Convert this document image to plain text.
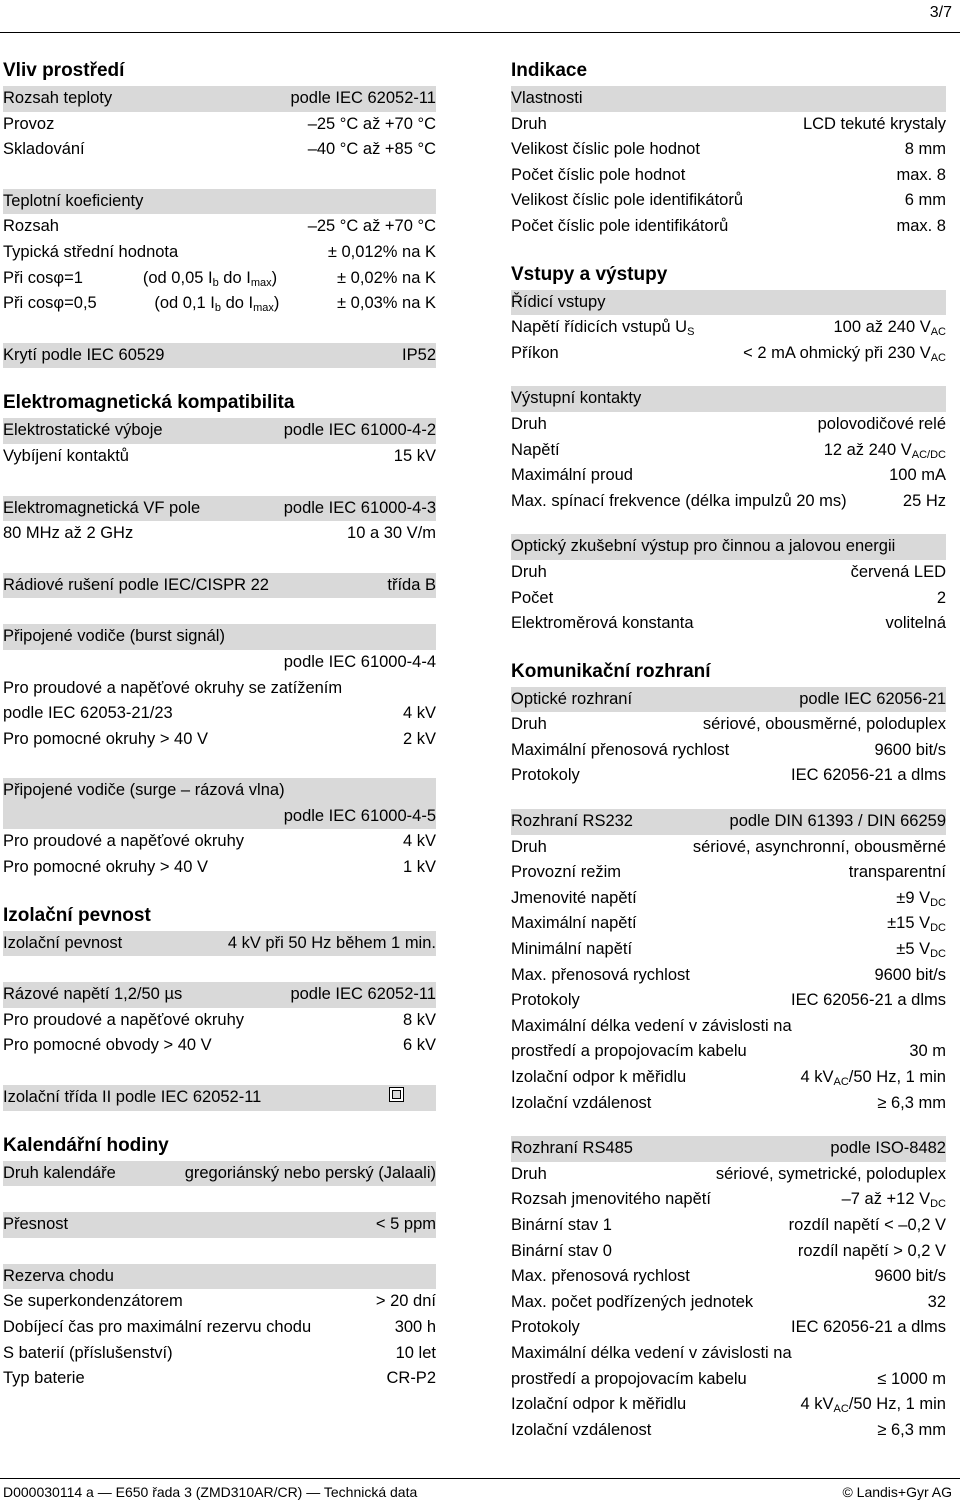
3/7
Vliv prostředí
Rozsah teploty	podle IEC 62052-11
Provoz	–25 °C až +70 °C
Skladování	–40 °C až +85 °C
Teplotní koeficienty
Rozsah	–25 °C až +70 °C
Typická střední hodnota	± 0,012% na K
Při cosφ=1	(od 0,05 $I_b$ do $I_{max}$)	± 0,02% na K
Při cosφ=0,5	(od 0,1 $I_b$ do $I_{max}$)	± 0,03% na K
Krytí podle IEC 60529	IP52
Elektromagnetická kompatibilita
Elektrostatické výboje	podle IEC 61000-4-2
Vybíjení kontaktů	15 kV
Elektromagnetická VF pole	podle IEC 61000-4-3
80 MHz až 2 GHz	10 a 30 V/m
Rádiové rušení podle IEC/CISPR 22	třída B
Připojené vodiče (burst signál)
podle IEC 61000-4-4
Pro proudové a napěťové okruhy se zatížením
podle IEC 62053-21/23	4 kV
Pro pomocné okruhy > 40 V	2 kV
Připojené vodiče (surge – rázová vlna)
podle IEC 61000-4-5
Pro proudové a napěťové okruhy	4 kV
Pro pomocné okruhy > 40 V	1 kV
Izolační pevnost
Izolační pevnost	4 kV při 50 Hz během 1 min.
Rázové napětí 1,2/50 µs	podle IEC 62052-11
Pro proudové a napěťové okruhy	8 kV
Pro pomocné obvody > 40 V	6 kV
Izolační třída II podle IEC 62052-11
Kalendářní hodiny
Druh kalendáře	gregoriánský nebo perský (Jalaali)
Přesnost	< 5 ppm
Rezerva chodu
Se superkondenzátorem	> 20 dní
Dobíjecí čas pro maximální rezervu chodu	300 h
S baterií (příslušenství)	10 let
Typ baterie	CR-P2
Indikace
Vlastnosti
Druh	LCD tekuté krystaly
Velikost číslic pole hodnot	8 mm
Počet číslic pole hodnot	max. 8
Velikost číslic pole identifikátorů	6 mm
Počet číslic pole identifikátorů	max. 8
Vstupy a výstupy
Řídicí vstupy
Napětí řídicích vstupů $U_S$	100 až 240 $V_{AC}$
Příkon	< 2 mA ohmický při 230 $V_{AC}$
Výstupní kontakty
Druh	polovodičové relé
Napětí	12 až 240 $V_{AC/DC}$
Maximální proud	100 mA
Max. spínací frekvence (délka impulzů 20 ms)	25 Hz
Optický zkušební výstup pro činnou a jalovou energii
Druh	červená LED
Počet	2
Elektroměrová konstanta	volitelná
Komunikační rozhraní
Optické rozhraní	podle IEC 62056-21
Druh	sériové, obousměrné, poloduplex
Maximální přenosová rychlost	9600 bit/s
Protokoly	IEC 62056-21 a dlms
Rozhraní RS232	podle DIN 61393 / DIN 66259
Druh	sériové, asynchronní, obousměrné
Provozní režim	transparentní
Jmenovité napětí	±9 $V_{DC}$
Maximální napětí	±15 $V_{DC}$
Minimální napětí	±5 $V_{DC}$
Max. přenosová rychlost	9600 bit/s
Protokoly	IEC 62056-21 a dlms
Maximální délka vedení v závislosti na
prostředí a propojovacím kabelu	30 m
Izolační odpor k měřidlu	4 $kV_{AC}/50$ Hz, 1 min
Izolační vzdálenost	≥ 6,3 mm
Rozhraní RS485	podle ISO-8482
Druh	sériové, symetrické, poloduplex
Rozsah jmenovitého napětí	–7 až +12 $V_{DC}$
Binární stav 1	rozdíl napětí < –0,2 V
Binární stav 0	rozdíl napětí > 0,2 V
Max. přenosová rychlost	9600 bit/s
Max. počet podřízených jednotek	32
Protokoly	IEC 62056-21 a dlms
Maximální délka vedení v závislosti na
prostředí a propojovacím kabelu	≤ 1000 m
Izolační odpor k měřidlu	4 $kV_{AC}/50$ Hz, 1 min
Izolační vzdálenost	≥ 6,3 mm
D000030114 a — E650 řada 3 (ZMD310AR/CR) — Technická data	© Landis+Gyr AG
